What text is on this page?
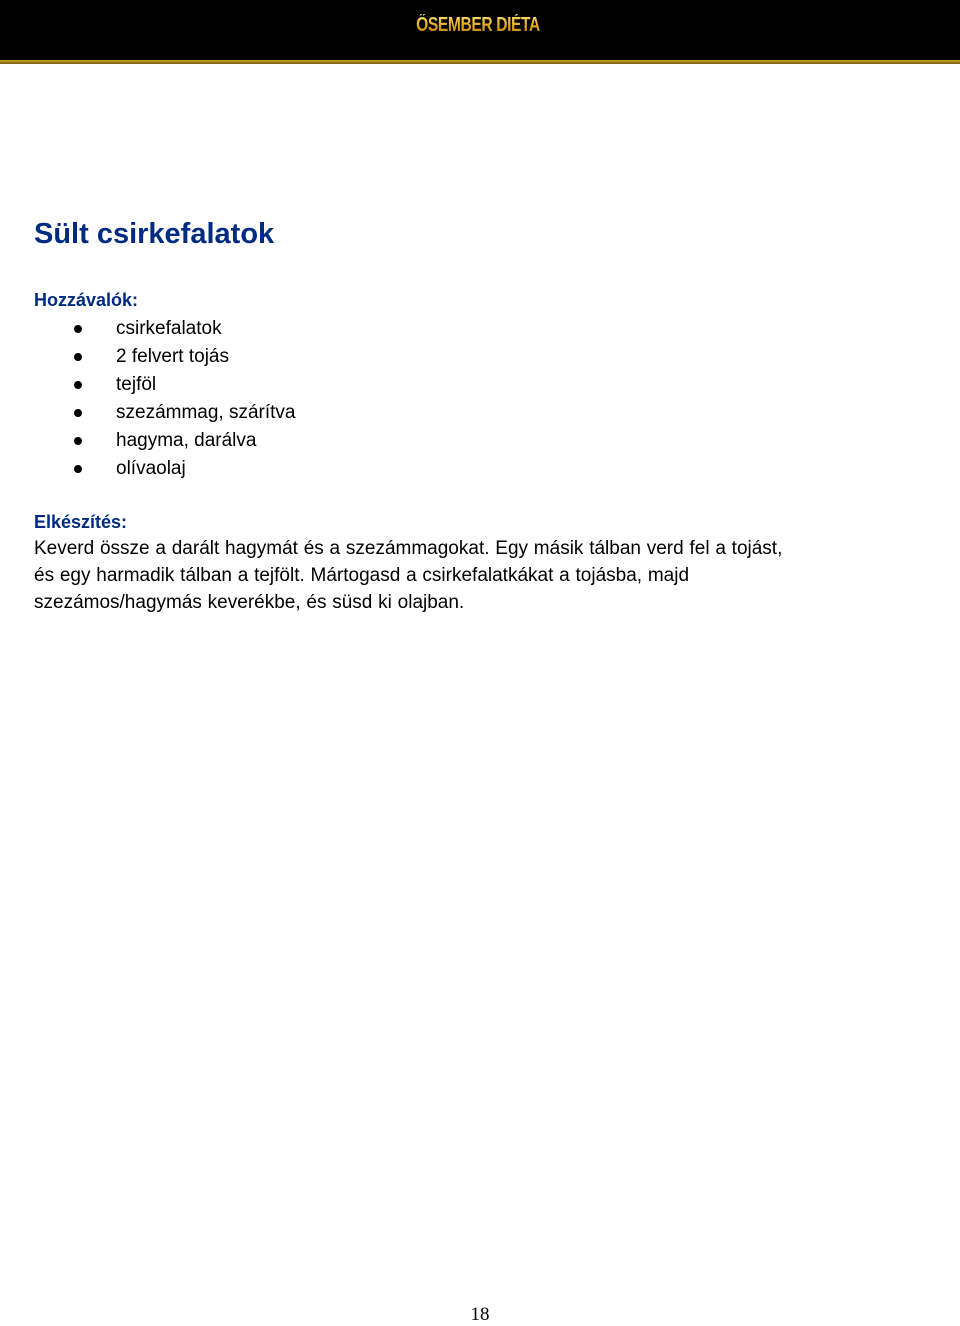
ŐSEMBER DIÉTA
Sült csirkefalatok
Hozzávalók:
csirkefalatok
2 felvert tojás
tejföl
szezámmag, szárítva
hagyma, darálva
olívaolaj
Elkészítés:

Keverd össze a darált hagymát és a szezámmagokat. Egy másik tálban verd fel a tojást,
és egy harmadik tálban a tejfölt. Mártogasd a csirkefalatkákat a tojásba, majd
szezámos/hagymás keverékbe, és süsd ki olajban.

18
